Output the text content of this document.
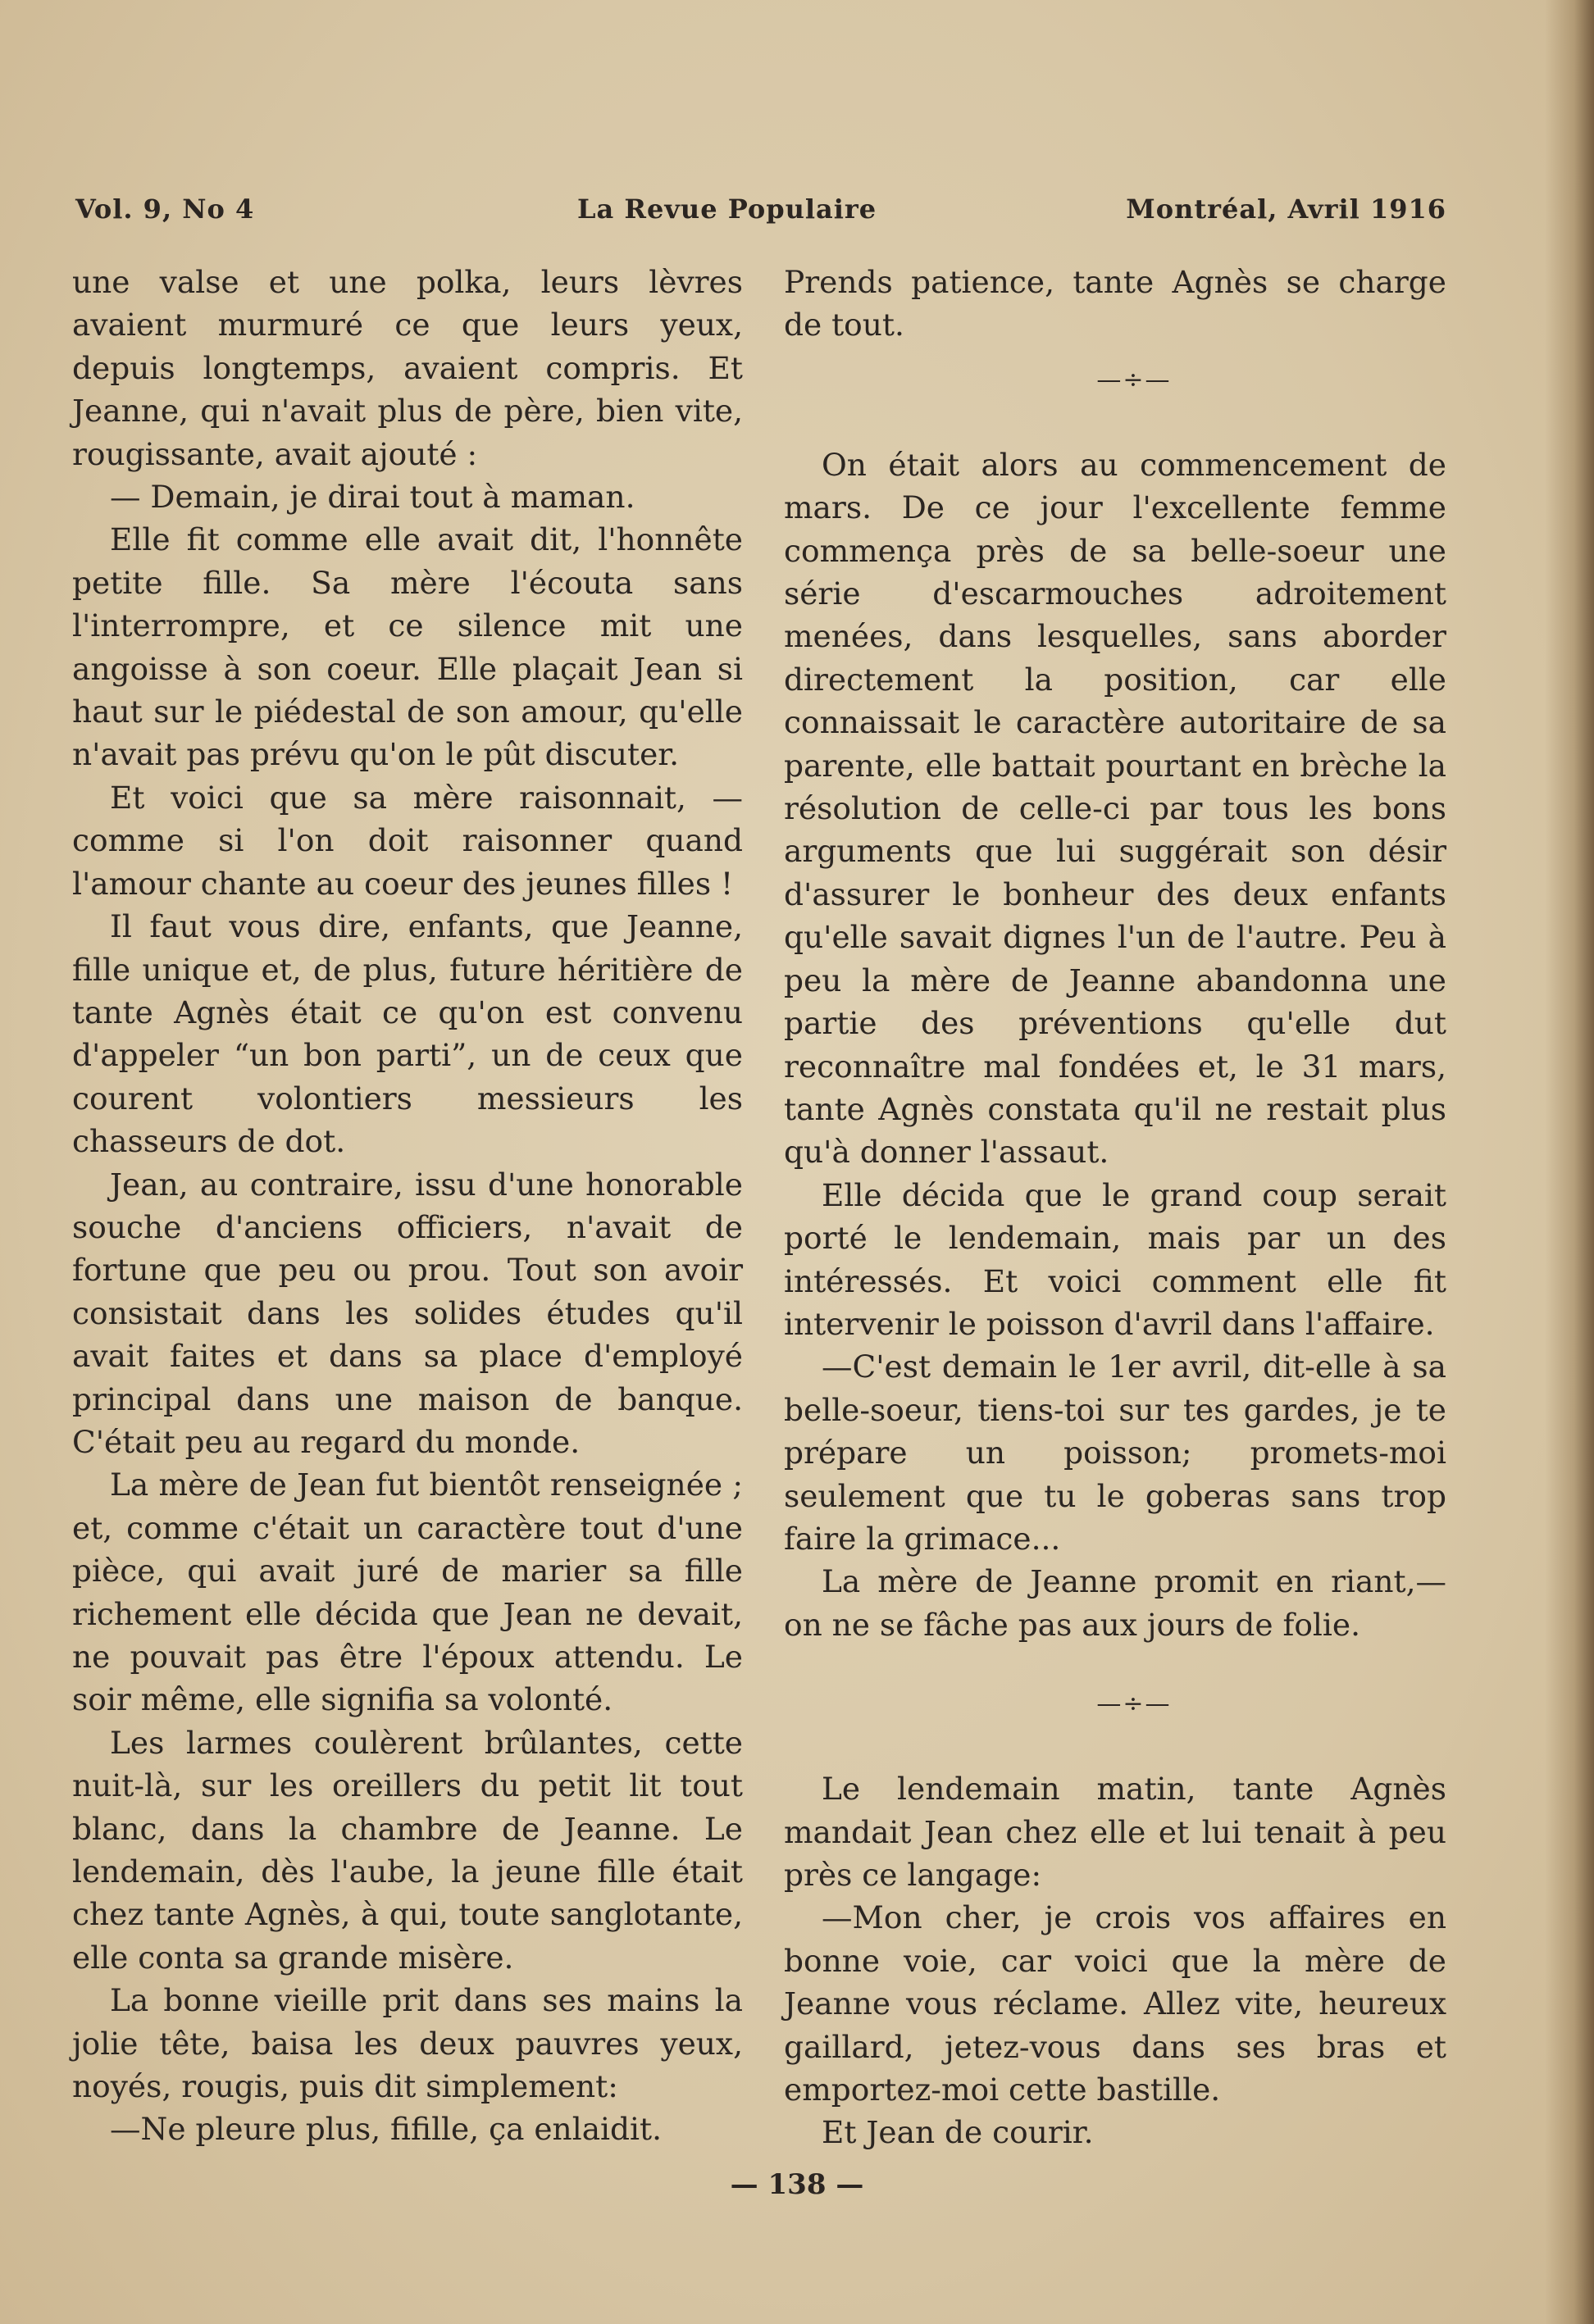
Vol. 9, No 4	La Revue Populaire	Montréal, Avril 1916

une valse et une polka, leurs lèvres avaient murmuré ce que leurs yeux, depuis longtemps, avaient compris. Et Jeanne, qui n'avait plus de père, bien vite, rougissante, avait ajouté :

— Demain, je dirai tout à maman.

Elle fit comme elle avait dit, l'honnête petite fille. Sa mère l'écouta sans l'interrompre, et ce silence mit une angoisse à son coeur. Elle plaçait Jean si haut sur le piédestal de son amour, qu'elle n'avait pas prévu qu'on le pût discuter.

Et voici que sa mère raisonnait, — comme si l'on doit raisonner quand l'amour chante au coeur des jeunes filles !

Il faut vous dire, enfants, que Jeanne, fille unique et, de plus, future héritière de tante Agnès était ce qu'on est convenu d'appeler “un bon parti”, un de ceux que courent volontiers messieurs les chasseurs de dot.

Jean, au contraire, issu d'une honorable souche d'anciens officiers, n'avait de fortune que peu ou prou. Tout son avoir consistait dans les solides études qu'il avait faites et dans sa place d'employé principal dans une maison de banque. C'était peu au regard du monde.

La mère de Jean fut bientôt renseignée ; et, comme c'était un caractère tout d'une pièce, qui avait juré de marier sa fille richement elle décida que Jean ne devait, ne pouvait pas être l'époux attendu. Le soir même, elle signifia sa volonté.

Les larmes coulèrent brûlantes, cette nuit-là, sur les oreillers du petit lit tout blanc, dans la chambre de Jeanne. Le lendemain, dès l'aube, la jeune fille était chez tante Agnès, à qui, toute sanglotante, elle conta sa grande misère.

La bonne vieille prit dans ses mains la jolie tête, baisa les deux pauvres yeux, noyés, rougis, puis dit simplement:

—Ne pleure plus, fifille, ça enlaidit.

Prends patience, tante Agnès se charge de tout.

—÷—

On était alors au commencement de mars. De ce jour l'excellente femme commença près de sa belle-soeur une série d'escarmouches adroitement menées, dans lesquelles, sans aborder directement la position, car elle connaissait le caractère autoritaire de sa parente, elle battait pourtant en brèche la résolution de celle-ci par tous les bons arguments que lui suggérait son désir d'assurer le bonheur des deux enfants qu'elle savait dignes l'un de l'autre. Peu à peu la mère de Jeanne abandonna une partie des préventions qu'elle dut reconnaître mal fondées et, le 31 mars, tante Agnès constata qu'il ne restait plus qu'à donner l'assaut.

Elle décida que le grand coup serait porté le lendemain, mais par un des intéressés. Et voici comment elle fit intervenir le poisson d'avril dans l'affaire.

—C'est demain le 1er avril, dit-elle à sa belle-soeur, tiens-toi sur tes gardes, je te prépare un poisson; promets-moi seulement que tu le goberas sans trop faire la grimace...

La mère de Jeanne promit en riant,— on ne se fâche pas aux jours de folie.

—÷—

Le lendemain matin, tante Agnès mandait Jean chez elle et lui tenait à peu près ce langage:

—Mon cher, je crois vos affaires en bonne voie, car voici que la mère de Jeanne vous réclame. Allez vite, heureux gaillard, jetez-vous dans ses bras et emportez-moi cette bastille.

Et Jean de courir.

— 138 —
